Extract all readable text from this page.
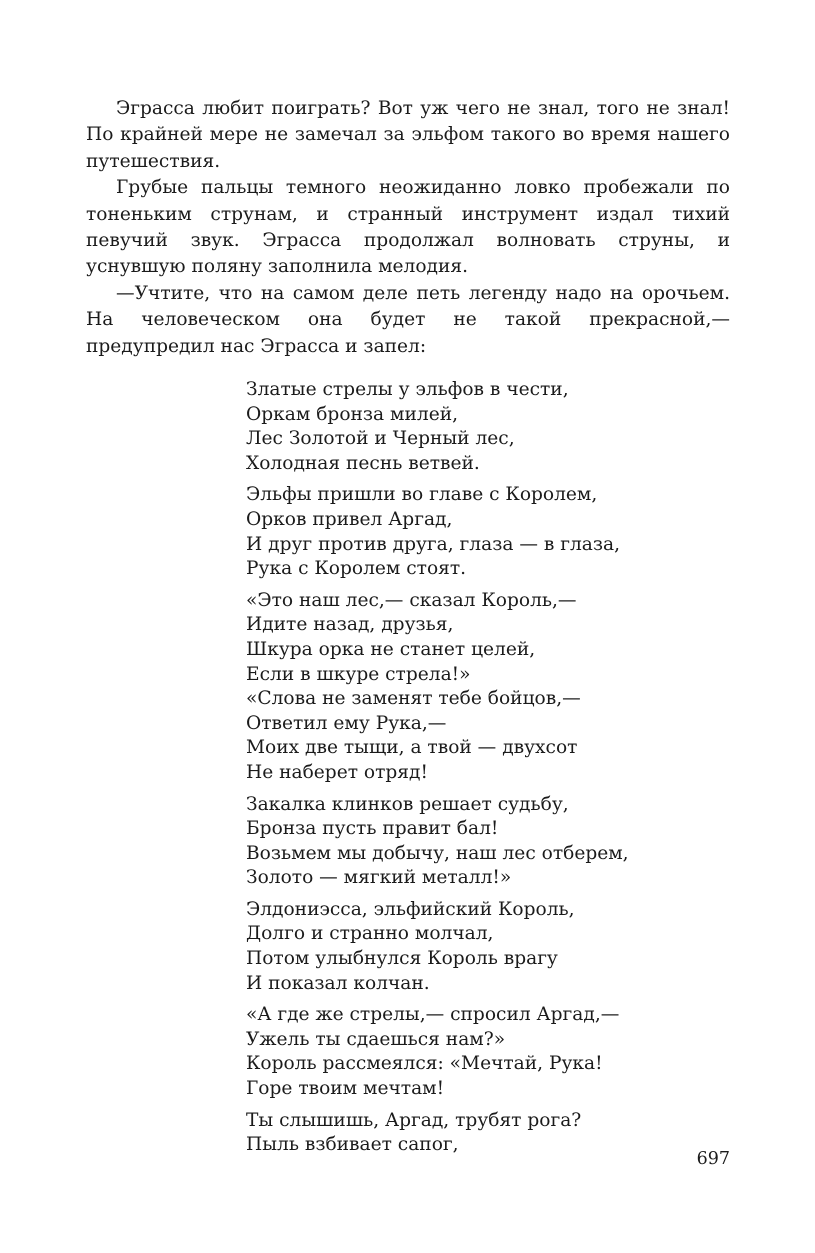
Эграсса любит поиграть? Вот уж чего не знал, того не знал! По крайней мере не замечал за эльфом такого во время нашего путешествия.

Грубые пальцы темного неожиданно ловко пробежали по тоненьким струнам, и странный инструмент издал тихий певучий звук. Эграсса продолжал волновать струны, и уснувшую поляну заполнила мелодия.

—Учтите, что на самом деле петь легенду надо на орочьем. На человеческом она будет не такой прекрасной,— предупредил нас Эграсса и запел:

Златые стрелы у эльфов в чести,
Оркам бронза милей,
Лес Золотой и Черный лес,
Холодная песнь ветвей.
Эльфы пришли во главе с Королем,
Орков привел Аргад,
И друг против друга, глаза — в глаза,
Рука с Королем стоят.
«Это наш лес,— сказал Король,—
Идите назад, друзья,
Шкура орка не станет целей,
Если в шкуре стрела!»
«Слова не заменят тебе бойцов,—
Ответил ему Рука,—
Моих две тыщи, а твой — двухсот
Не наберет отряд!
Закалка клинков решает судьбу,
Бронза пусть правит бал!
Возьмем мы добычу, наш лес отберем,
Золото — мягкий металл!»
Элдониэсса, эльфийский Король,
Долго и странно молчал,
Потом улыбнулся Король врагу
И показал колчан.
«А где же стрелы,— спросил Аргад,—
Ужель ты сдаешься нам?»
Король рассмеялся: «Мечтай, Рука!
Горе твоим мечтам!
Ты слышишь, Аргад, трубят рога?
Пыль взбивает сапог,
697
